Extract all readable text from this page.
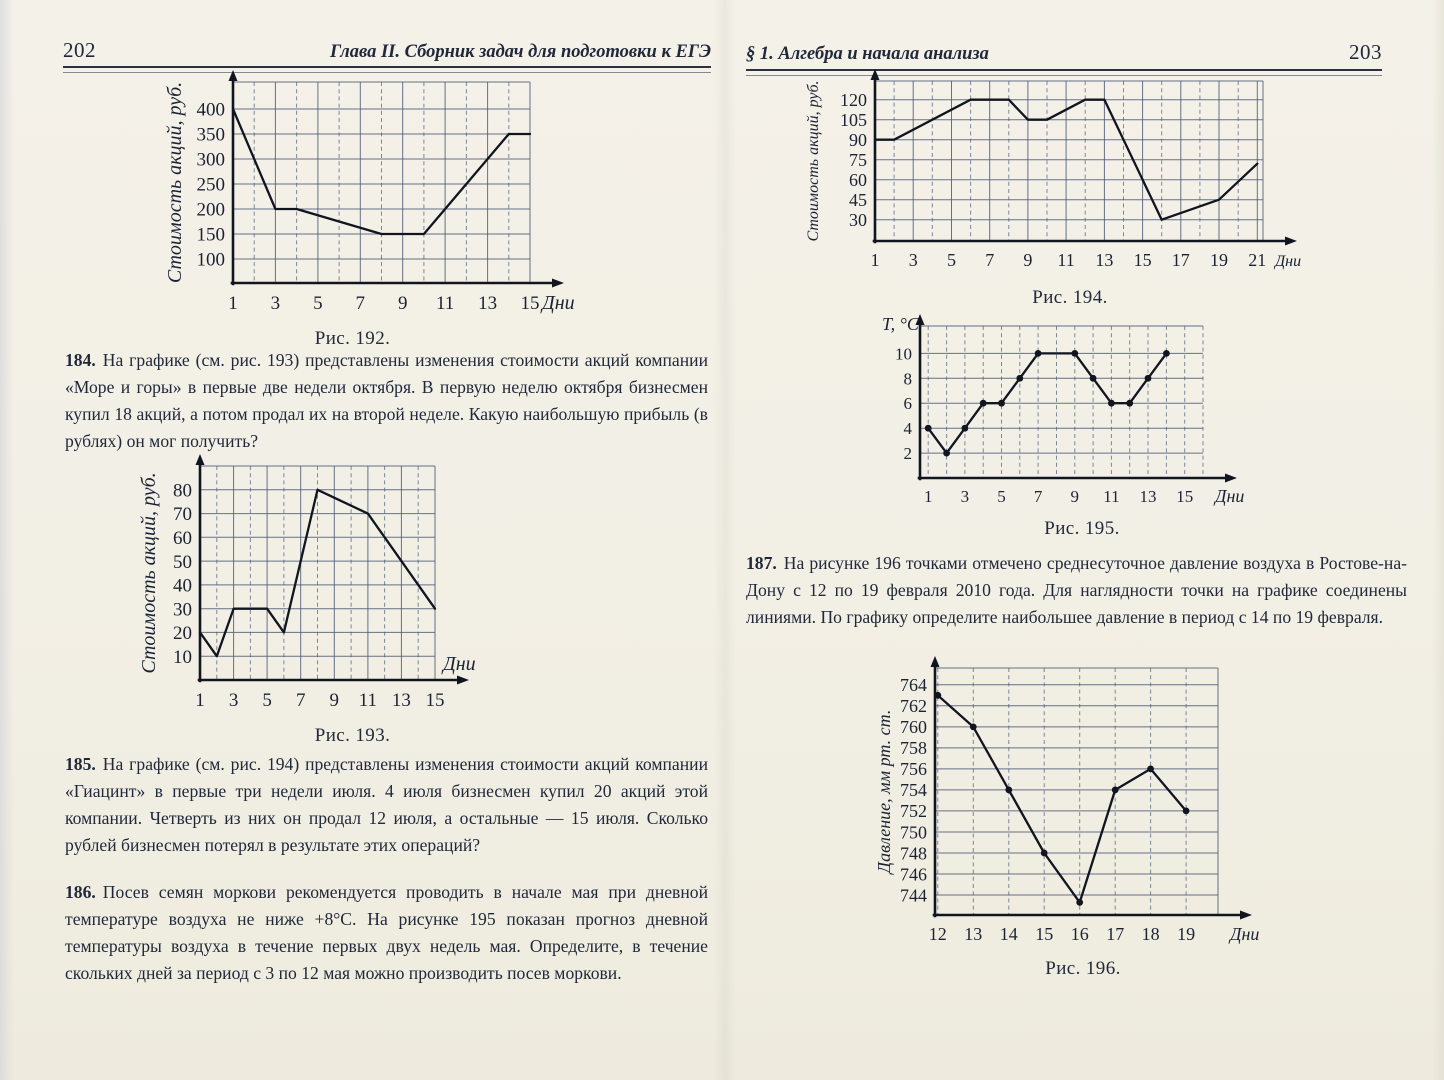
202	Глава II. Сборник задач для подготовки к ЕГЭ
100
150
200
250
300
350
400
1 3 5 7 9 11 13 15
Стоимость акций, руб.
Дни
Рис. 192.

184. На графике (см. рис. 193) представлены изменения стоимости акций компании «Море и горы» в первые две недели октября. В первую неделю октября бизнесмен купил 18 акций, а потом продал их на второй неделе. Какую наибольшую прибыль (в рублях) он мог получить?

10
20
30
40
50
60
70
80
1 3 5 7 9 11 13 15
Стоимость акций, руб.	Дни
Рис. 193.

185. На графике (см. рис. 194) представлены изменения стоимости акций компании «Гиацинт» в первые три недели июля. 4 июля бизнесмен купил 20 акций этой компании. Четверть из них он продал 12 июля, а остальные — 15 июля. Сколько рублей бизнесмен потерял в результате этих операций?

186. Посев семян моркови рекомендуется проводить в начале мая при дневной температуре воздуха не ниже +8°C. На рисунке 195 показан прогноз дневной температуры воздуха в течение первых двух недель мая. Определите, в течение скольких дней за период с 3 по 12 мая можно производить посев моркови.

§ 1. Алгебра и начала анализа	203
30
45
60
75
90
105
120
1 3 5 7 9 11 13 15 17 19 21
Стоимость акций, руб.
Дни
Рис. 194.
2
4
6
8
10
1 3 5 7 9 11 13 15
T, °C
Дни
Рис. 195.

187. На рисунке 196 точками отмечено среднесуточное давление воздуха в Ростове-на-Дону с 12 по 19 февраля 2010 года. Для наглядности точки на графике соединены линиями. По графику определите наибольшее давление в период с 14 по 19 февраля.

744
746
748
750
752
754
756
758
760
762
764
12 13 14 15 16 17 18 19
Давление, мм рт. ст.
Дни
Рис. 196.
